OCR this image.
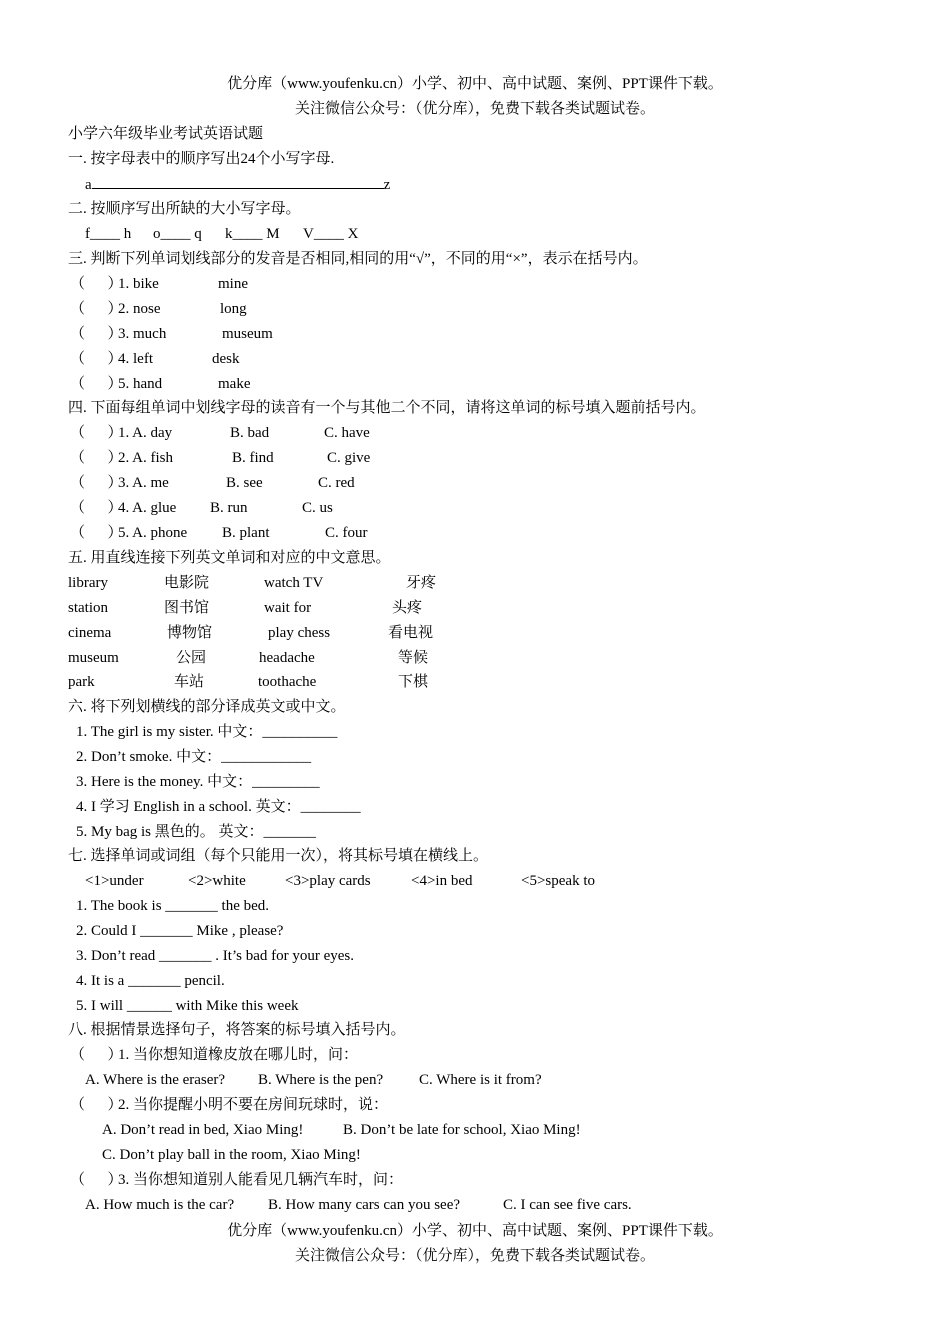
优分库（www.youfenku.cn）小学、初中、高中试题、案例、PPT课件下载。
关注微信公众号：（优分库），免费下载各类试题试卷。
小学六年级毕业考试英语试题
一. 按字母表中的顺序写出24个小写字母.
a	z
二. 按顺序写出所缺的大小写字母。
f____ h o____ q k____ M V____ X
三. 判断下列单词划线部分的发音是否相同,相同的用“√”，不同的用“×”，表示在括号内。
（      ）
1. bike	mine
（      ）
2. nose	long
（      ）
3. much	museum
（      ）
4. left	desk
（      ）
5. hand	make
四. 下面每组单词中划线字母的读音有一个与其他二个不同，请将这单词的标号填入题前括号内。
（      ）
1. A. day	B. bad	C. have
（      ）
2. A. fish	B. find	C. give
（      ）
3. A. me	B. see	C. red
（      ）
4. A. glue B. run	C. us
（      ）
5. A. phone B. plant	C. four
五. 用直线连接下列英文单词和对应的中文意思。
library	电影院	watch TV	牙疼
station	图书馆	wait for	头疼
cinema	博物馆	play chess	看电视
museum	公园	headache	等候
park	车站	toothache	下棋
六. 将下列划横线的部分译成英文或中文。
1. The girl is my sister. 中文：__________
2. Don’t smoke. 中文：____________
3. Here is the money. 中文：_________
4. I 学习 English in a school. 英文：________
5. My bag is 黑色的。 英文：_______
七. 选择单词或词组（每个只能用一次），将其标号填在横线上。
<1>under	<2>white	<3>play cards	<4>in bed	<5>speak to
1. The book is _______ the bed.
2. Could I _______ Mike , please?
3. Don’t read _______ . It’s bad for your eyes.
4. It is a _______ pencil.
5. I will ______ with Mike this week
八. 根据情景选择句子，将答案的标号填入括号内。
（      ）
1. 当你想知道橡皮放在哪儿时，问：
A. Where is the eraser? B. Where is the pen? C. Where is it from?
（      ）
2. 当你提醒小明不要在房间玩球时，说：
A. Don’t read in bed, Xiao Ming!	B. Don’t be late for school, Xiao Ming!
C. Don’t play ball in the room, Xiao Ming!
（      ）
3. 当你想知道别人能看见几辆汽车时，问：
A. How much is the car? B. How many cars can you see?	C. I can see five cars.
优分库（www.youfenku.cn）小学、初中、高中试题、案例、PPT课件下载。
关注微信公众号：（优分库），免费下载各类试题试卷。
